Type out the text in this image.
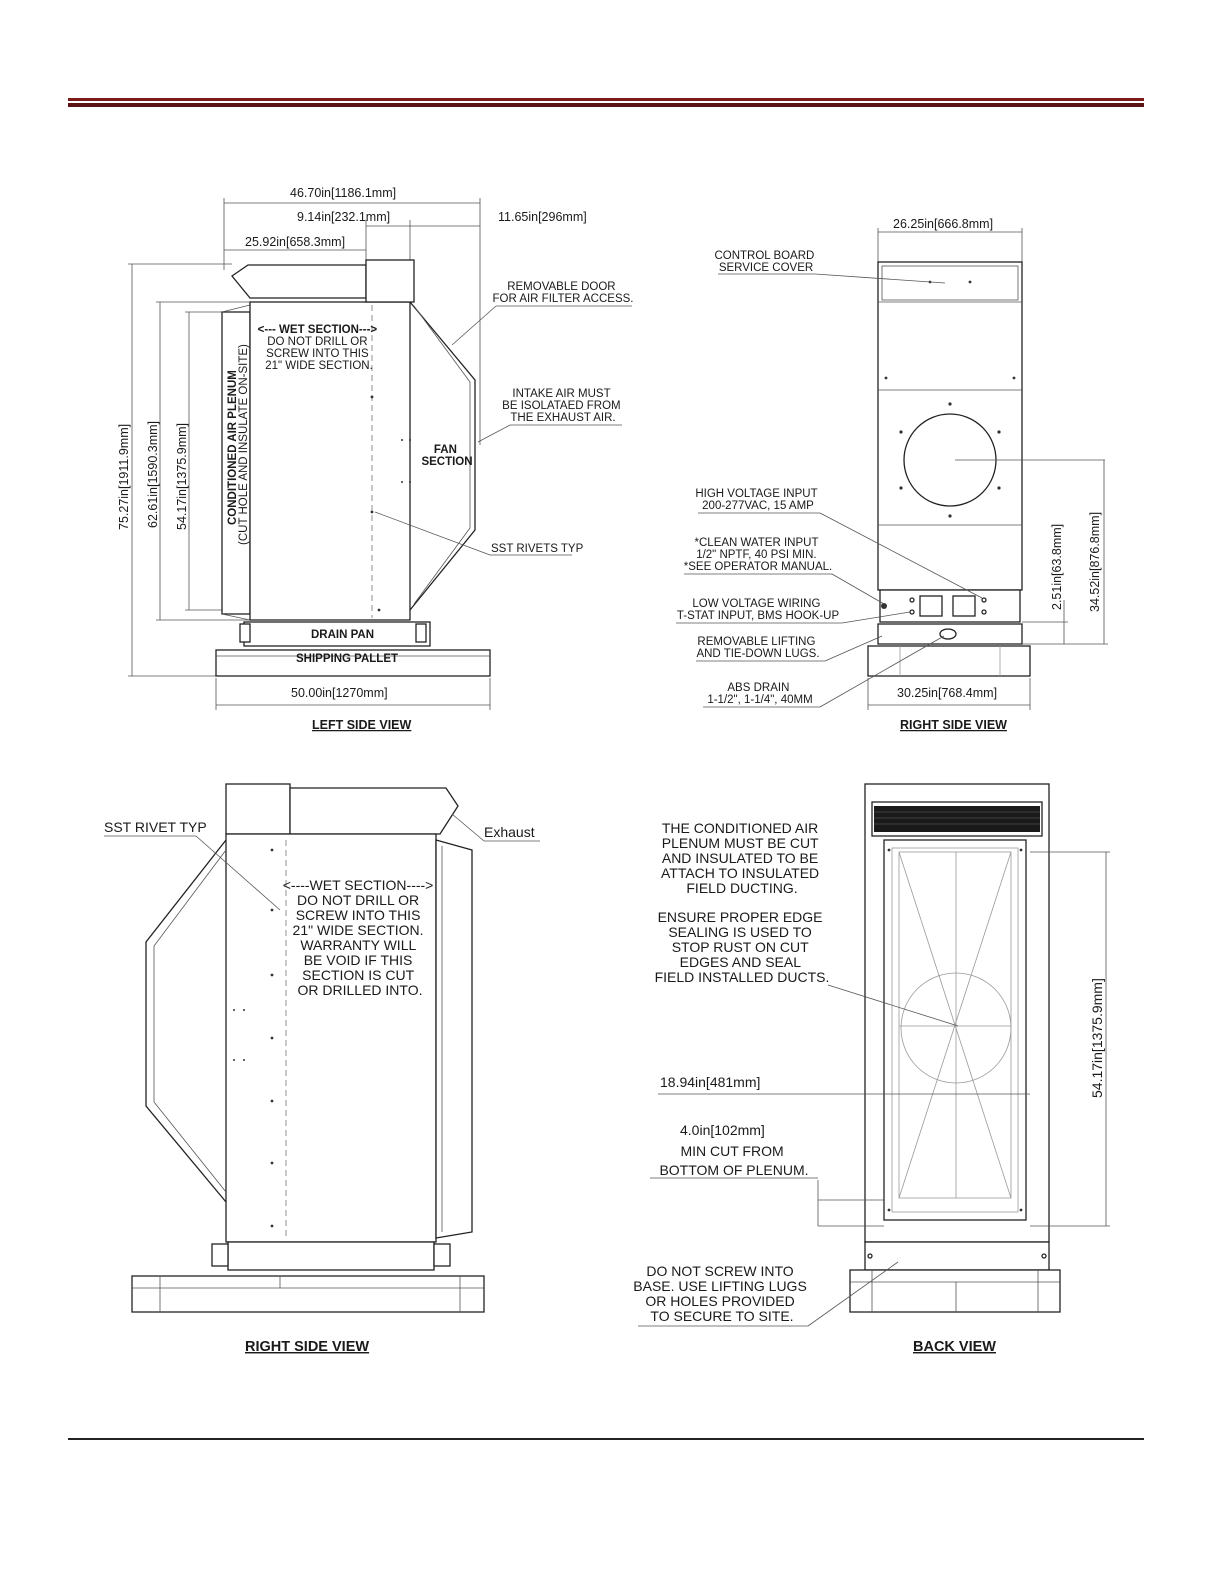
46.70in[1186.1mm]
9.14in[232.1mm]	11.65in[296mm]
25.92in[658.3mm]
75.27in[1911.9mm] 62.61in[1590.3mm] 54.17in[1375.9mm]	CONDITIONED AIR PLENUM (CUT HOLE AND INSULATE ON-SITE)
<--- WET SECTION---> DO NOT DRILL OR SCREW INTO THIS 21" WIDE SECTION.
FAN SECTION
REMOVABLE DOOR FOR AIR FILTER ACCESS.
INTAKE AIR MUST BE ISOLATAED FROM THE EXHAUST AIR.
SST RIVETS TYP
DRAIN PAN
SHIPPING PALLET
50.00in[1270mm]
LEFT SIDE VIEW
26.25in[666.8mm]
2.51in[63.8mm] 34.52in[876.8mm]
30.25in[768.4mm]
CONTROL BOARD SERVICE COVER
HIGH VOLTAGE INPUT 200-277VAC, 15 AMP
*CLEAN WATER INPUT 1/2" NPTF, 40 PSI MIN. *SEE OPERATOR MANUAL.
LOW VOLTAGE WIRING T-STAT INPUT, BMS HOOK-UP
REMOVABLE LIFTING AND TIE-DOWN LUGS.
ABS DRAIN 1-1/2", 1-1/4", 40MM
RIGHT SIDE VIEW
<----WET SECTION----> DO NOT DRILL OR SCREW INTO THIS 21" WIDE SECTION. WARRANTY WILL BE VOID IF THIS SECTION IS CUT OR DRILLED INTO.
SST RIVET TYP	Exhaust
RIGHT SIDE VIEW
54.17in[1375.9mm]
18.94in[481mm]
4.0in[102mm]
THE CONDITIONED AIR PLENUM MUST BE CUT AND INSULATED TO BE ATTACH TO INSULATED FIELD DUCTING.
ENSURE PROPER EDGE SEALING IS USED TO STOP RUST ON CUT EDGES AND SEAL FIELD INSTALLED DUCTS.
MIN CUT FROM BOTTOM OF PLENUM.
DO NOT SCREW INTO BASE. USE LIFTING LUGS OR HOLES PROVIDED TO SECURE TO SITE.
BACK VIEW
